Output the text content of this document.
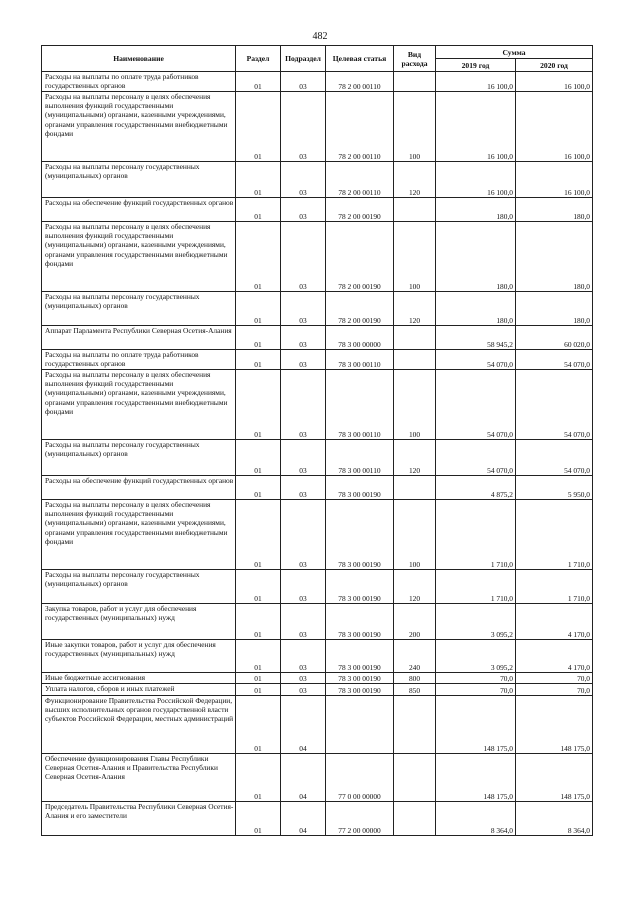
482
Наименование	Раздел	Подраздел	Целевая статья	Вид расхода	Сумма	
					2019 год	2020 год
Расходы на выплаты по оплате труда работников государственных органов	01	03	78 2 00 00110		16 100,0	16 100,0
Расходы на выплаты персоналу в целях обеспечения выполнения функций государственными (муниципальными) органами, казенными учреждениями, органами управления государственными внебюджетными фондами	01	03	78 2 00 00110	100	16 100,0	16 100,0
Расходы на выплаты персоналу государственных (муниципальных) органов	01	03	78 2 00 00110	120	16 100,0	16 100,0
Расходы на обеспечение функций государственных органов	01	03	78 2 00 00190		180,0	180,0
Расходы на выплаты персоналу в целях обеспечения выполнения функций государственными (муниципальными) органами, казенными учреждениями, органами управления государственными внебюджетными фондами	01	03	78 2 00 00190	100	180,0	180,0
Расходы на выплаты персоналу государственных (муниципальных) органов	01	03	78 2 00 00190	120	180,0	180,0
Аппарат Парламента Республики Северная Осетия-Алания	01	03	78 3 00 00000		58 945,2	60 020,0
Расходы на выплаты по оплате труда работников государственных органов	01	03	78 3 00 00110		54 070,0	54 070,0
Расходы на выплаты персоналу в целях обеспечения выполнения функций государственными (муниципальными) органами, казенными учреждениями, органами управления государственными внебюджетными фондами	01	03	78 3 00 00110	100	54 070,0	54 070,0
Расходы на выплаты персоналу государственных (муниципальных) органов	01	03	78 3 00 00110	120	54 070,0	54 070,0
Расходы на обеспечение функций государственных органов	01	03	78 3 00 00190		4 875,2	5 950,0
Расходы на выплаты персоналу в целях обеспечения выполнения функций государственными (муниципальными) органами, казенными учреждениями, органами управления государственными внебюджетными фондами	01	03	78 3 00 00190	100	1 710,0	1 710,0
Расходы на выплаты персоналу государственных (муниципальных) органов	01	03	78 3 00 00190	120	1 710,0	1 710,0
Закупка товаров, работ и услуг для обеспечения государственных (муниципальных) нужд	01	03	78 3 00 00190	200	3 095,2	4 170,0
Иные закупки товаров, работ и услуг для обеспечения государственных (муниципальных) нужд	01	03	78 3 00 00190	240	3 095,2	4 170,0
Иные бюджетные ассигнования	01	03	78 3 00 00190	800	70,0	70,0
Уплата налогов, сборов и иных платежей	01	03	78 3 00 00190	850	70,0	70,0
Функционирование Правительства Российской Федерации, высших исполнительных органов государственной власти субъектов Российской Федерации, местных администраций	01	04			148 175,0	148 175,0
Обеспечение функционирования Главы Республики Северная Осетия-Алания и Правительства Республики Северная Осетия-Алания	01	04	77 0 00 00000		148 175,0	148 175,0
Председатель Правительства Республики Северная Осетия-Алания и его заместители	01	04	77 2 00 00000		8 364,0	8 364,0
